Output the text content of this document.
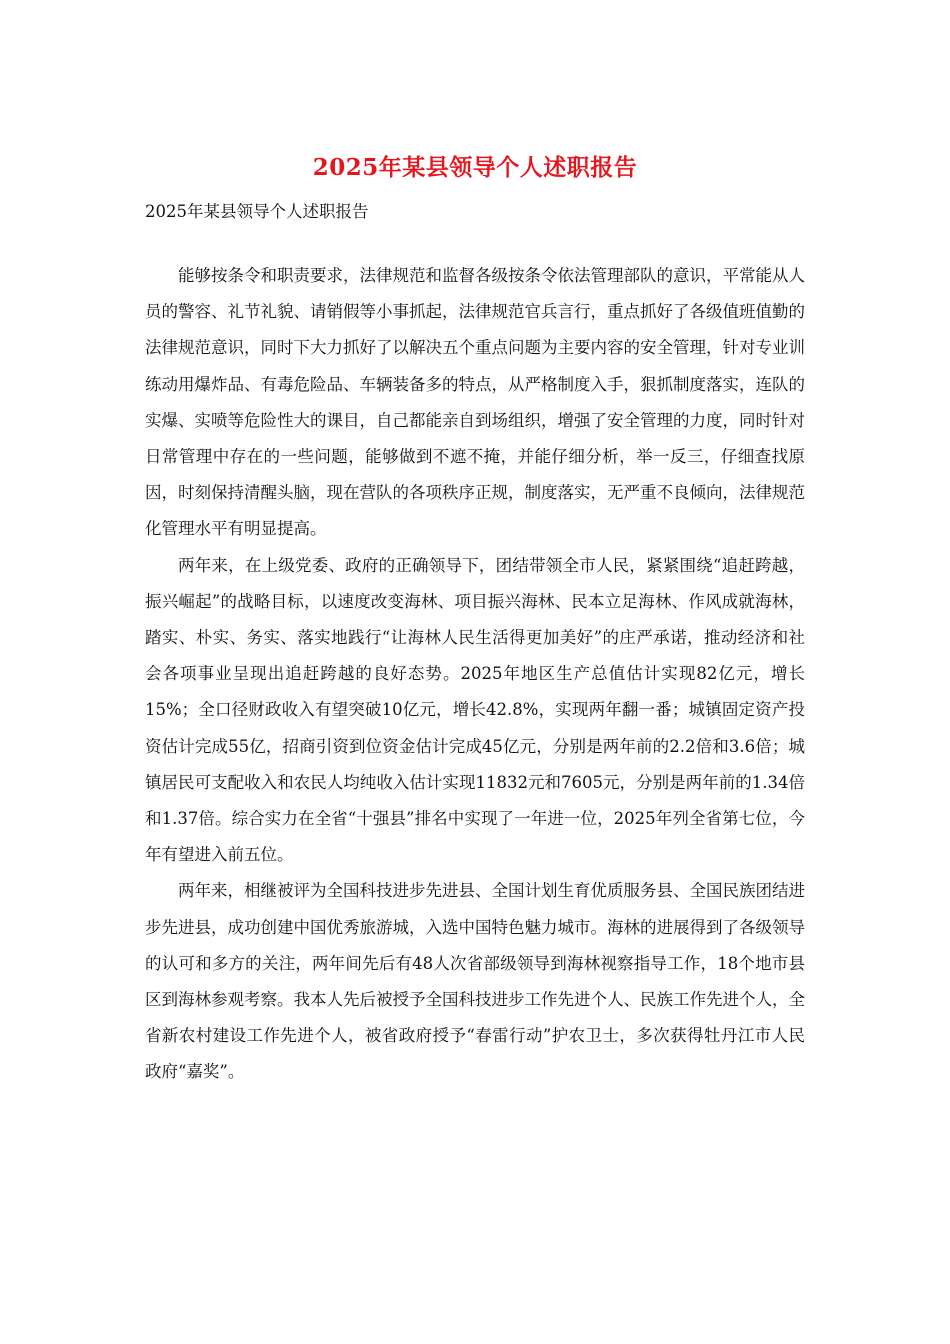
2025年某县领导个人述职报告
2025年某县领导个人述职报告

能够按条令和职责要求，法律规范和监督各级按条令依法管理部队的意识，平常能从人员的警容、礼节礼貌、请销假等小事抓起，法律规范官兵言行，重点抓好了各级值班值勤的法律规范意识，同时下大力抓好了以解决五个重点问题为主要内容的安全管理，针对专业训练动用爆炸品、有毒危险品、车辆装备多的特点，从严格制度入手，狠抓制度落实，连队的实爆、实喷等危险性大的课目，自己都能亲自到场组织，增强了安全管理的力度，同时针对日常管理中存在的一些问题，能够做到不遮不掩，并能仔细分析，举一反三，仔细查找原因，时刻保持清醒头脑，现在营队的各项秩序正规，制度落实，无严重不良倾向，法律规范化管理水平有明显提高。

两年来，在上级党委、政府的正确领导下，团结带领全市人民，紧紧围绕“追赶跨越，振兴崛起”的战略目标，以速度改变海林、项目振兴海林、民本立足海林、作风成就海林，踏实、朴实、务实、落实地践行“让海林人民生活得更加美好”的庄严承诺，推动经济和社会各项事业呈现出追赶跨越的良好态势。2025年地区生产总值估计实现82亿元，增长15%；全口径财政收入有望突破10亿元，增长42.8%，实现两年翻一番；城镇固定资产投资估计完成55亿，招商引资到位资金估计完成45亿元，分别是两年前的2.2倍和3.6倍；城镇居民可支配收入和农民人均纯收入估计实现11832元和7605元，分别是两年前的1.34倍和1.37倍。综合实力在全省“十强县”排名中实现了一年进一位，2025年列全省第七位，今年有望进入前五位。

两年来，相继被评为全国科技进步先进县、全国计划生育优质服务县、全国民族团结进步先进县，成功创建中国优秀旅游城，入选中国特色魅力城市。海林的进展得到了各级领导的认可和多方的关注，两年间先后有48人次省部级领导到海林视察指导工作，18个地市县区到海林参观考察。我本人先后被授予全国科技进步工作先进个人、民族工作先进个人，全省新农村建设工作先进个人，被省政府授予“春雷行动”护农卫士，多次获得牡丹江市人民政府“嘉奖”。
